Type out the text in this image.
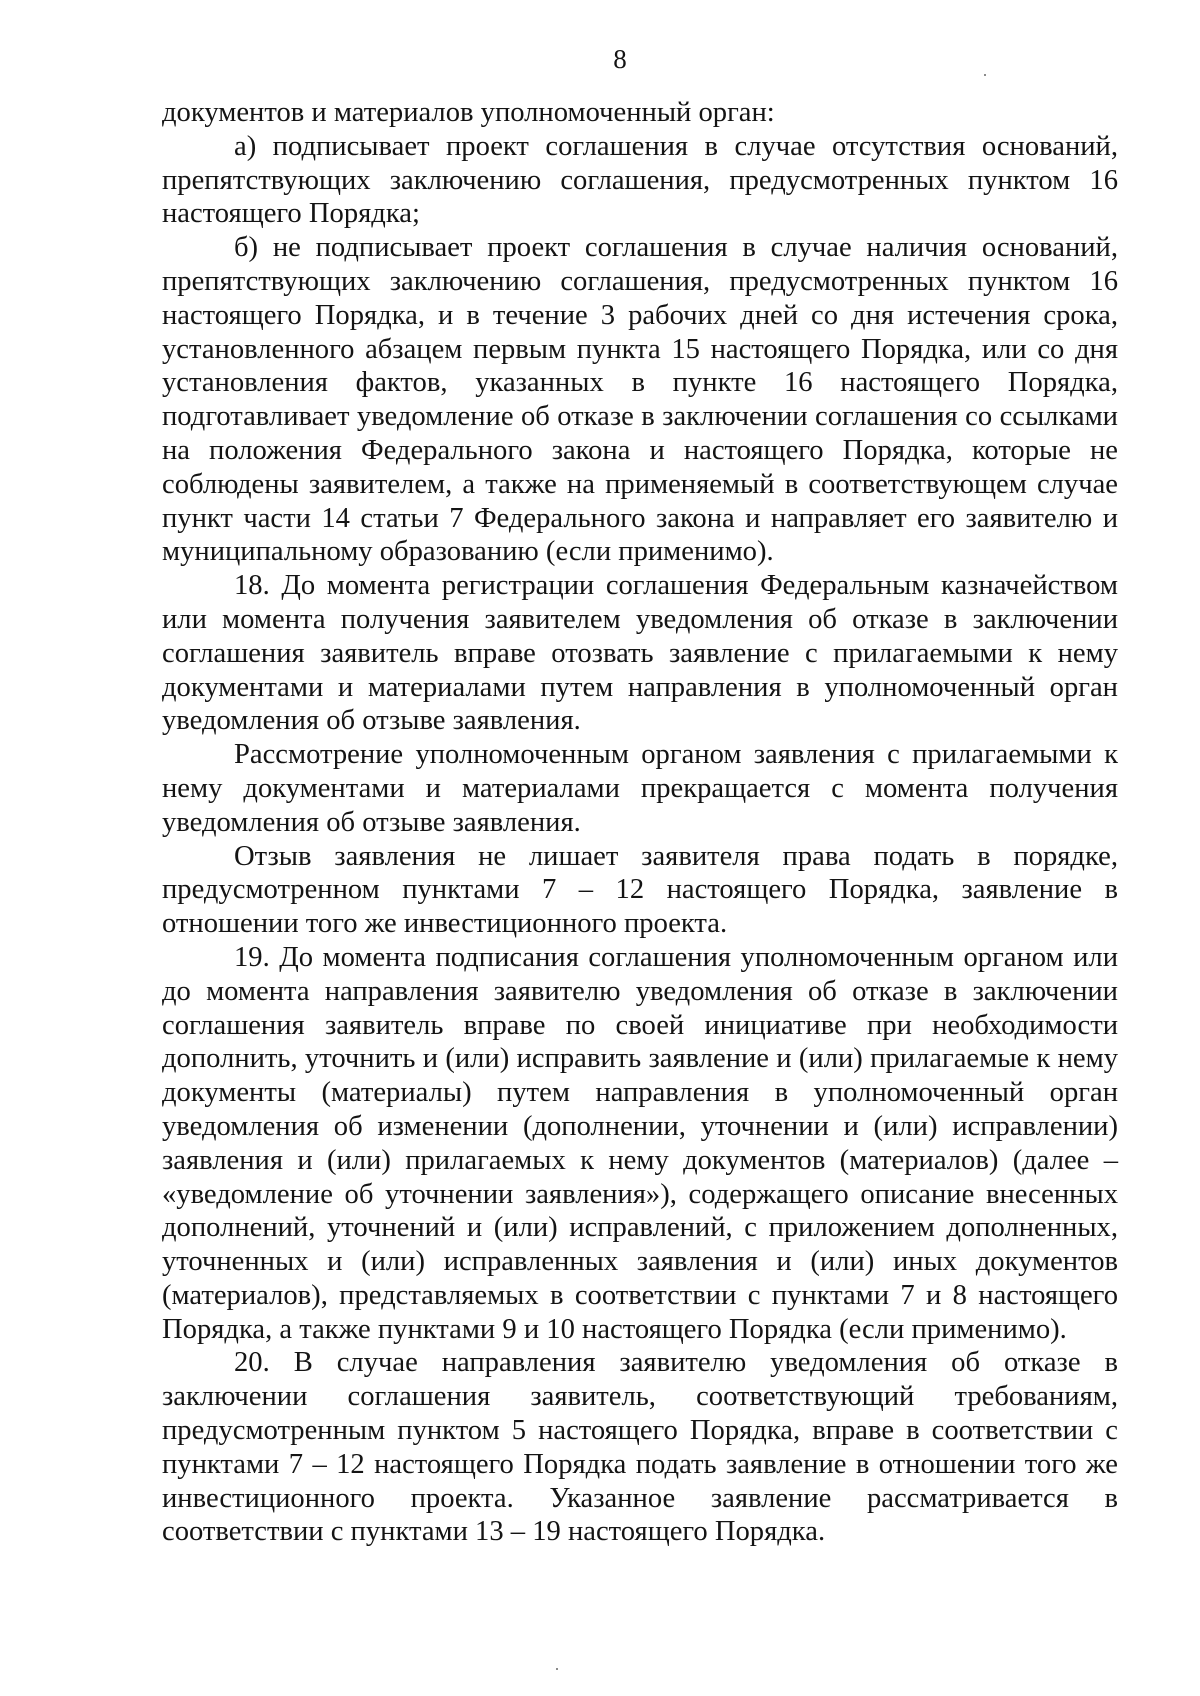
8

документов и материалов уполномоченный орган:

а) подписывает проект соглашения в случае отсутствия оснований, препятствующих заключению соглашения, предусмотренных пунктом 16 настоящего Порядка;

б) не подписывает проект соглашения в случае наличия оснований, препятствующих заключению соглашения, предусмотренных пунктом 16 настоящего Порядка, и в течение 3 рабочих дней со дня истечения срока, установленного абзацем первым пункта 15 настоящего Порядка, или со дня установления фактов, указанных в пункте 16 настоящего Порядка, подготавливает уведомление об отказе в заключении соглашения со ссылками на положения Федерального закона и настоящего Порядка, которые не соблюдены заявителем, а также на применяемый в соответствующем случае пункт части 14 статьи 7 Федерального закона и направляет его заявителю и муниципальному образованию (если применимо).

18. До момента регистрации соглашения Федеральным казначейством или момента получения заявителем уведомления об отказе в заключении соглашения заявитель вправе отозвать заявление с прилагаемыми к нему документами и материалами путем направления в уполномоченный орган уведомления об отзыве заявления.

Рассмотрение уполномоченным органом заявления с прилагаемыми к нему документами и материалами прекращается с момента получения уведомления об отзыве заявления.

Отзыв заявления не лишает заявителя права подать в порядке, предусмотренном пунктами 7 – 12 настоящего Порядка, заявление в отношении того же инвестиционного проекта.

19. До момента подписания соглашения уполномоченным органом или до момента направления заявителю уведомления об отказе в заключении соглашения заявитель вправе по своей инициативе при необходимости дополнить, уточнить и (или) исправить заявление и (или) прилагаемые к нему документы (материалы) путем направления в уполномоченный орган уведомления об изменении (дополнении, уточнении и (или) исправлении) заявления и (или) прилагаемых к нему документов (материалов) (далее – «уведомление об уточнении заявления»), содержащего описание внесенных дополнений, уточнений и (или) исправлений, с приложением дополненных, уточненных и (или) исправленных заявления и (или) иных документов (материалов), представляемых в соответствии с пунктами 7 и 8 настоящего Порядка, а также пунктами 9 и 10 настоящего Порядка (если применимо).

20. В случае направления заявителю уведомления об отказе в заключении соглашения заявитель, соответствующий требованиям, предусмотренным пунктом 5 настоящего Порядка, вправе в соответствии с пунктами 7 – 12 настоящего Порядка подать заявление в отношении того же инвестиционного проекта. Указанное заявление рассматривается в соответствии с пунктами 13 – 19 настоящего Порядка.
